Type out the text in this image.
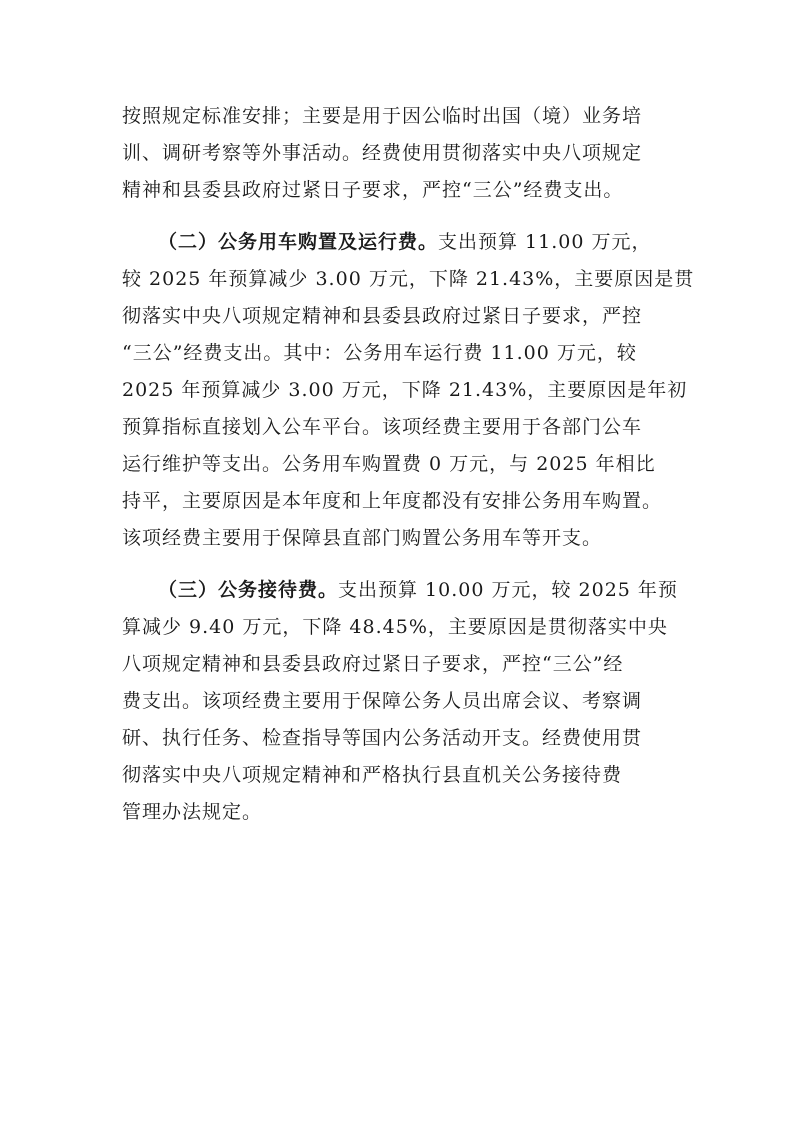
按照规定标准安排；主要是用于因公临时出国（境）业务培
训、调研考察等外事活动。经费使用贯彻落实中央八项规定
精神和县委县政府过紧日子要求，严控“三公”经费支出。
（二）公务用车购置及运行费。支出预算 11.00 万元，
较 2025 年预算减少 3.00 万元，下降 21.43%，主要原因是贯
彻落实中央八项规定精神和县委县政府过紧日子要求，严控
“三公”经费支出。其中：公务用车运行费 11.00 万元，较
2025 年预算减少 3.00 万元，下降 21.43%，主要原因是年初
预算指标直接划入公车平台。该项经费主要用于各部门公车
运行维护等支出。公务用车购置费 0 万元，与 2025 年相比
持平，主要原因是本年度和上年度都没有安排公务用车购置。
该项经费主要用于保障县直部门购置公务用车等开支。
（三）公务接待费。支出预算 10.00 万元，较 2025 年预
算减少 9.40 万元，下降 48.45%，主要原因是贯彻落实中央
八项规定精神和县委县政府过紧日子要求，严控“三公”经
费支出。该项经费主要用于保障公务人员出席会议、考察调
研、执行任务、检查指导等国内公务活动开支。经费使用贯
彻落实中央八项规定精神和严格执行县直机关公务接待费
管理办法规定。
